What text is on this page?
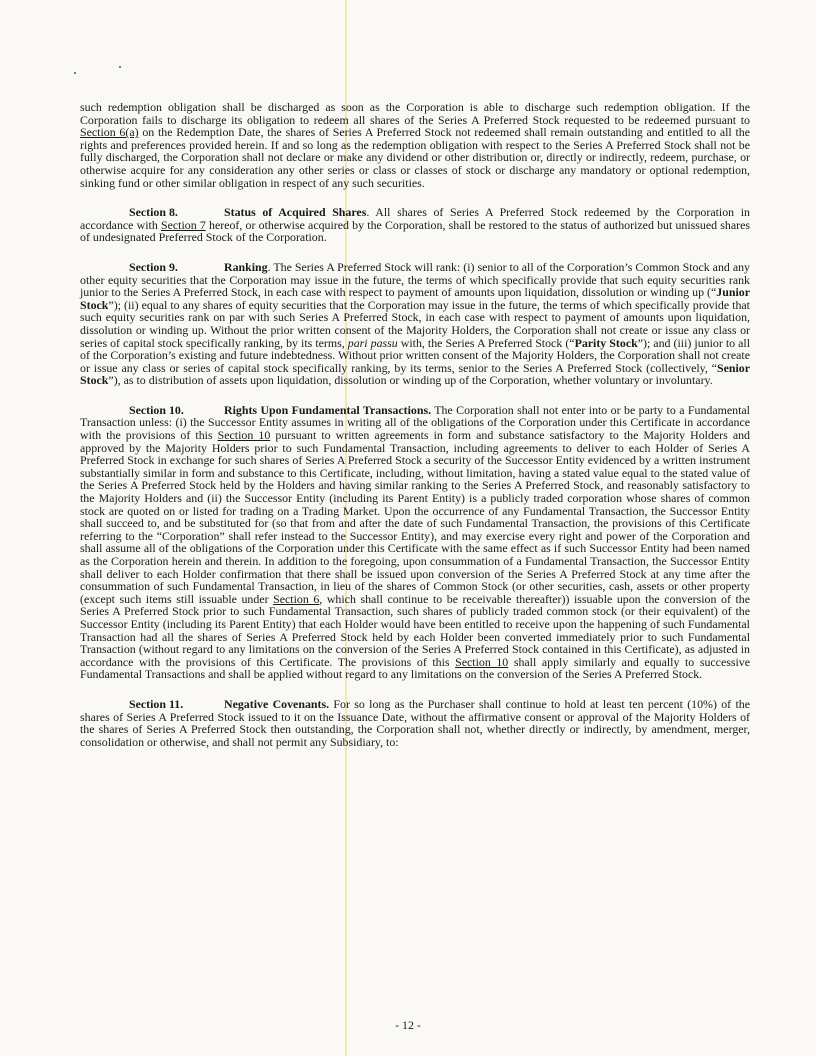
such redemption obligation shall be discharged as soon as the Corporation is able to discharge such redemption obligation. If the Corporation fails to discharge its obligation to redeem all shares of the Series A Preferred Stock requested to be redeemed pursuant to Section 6(a) on the Redemption Date, the shares of Series A Preferred Stock not redeemed shall remain outstanding and entitled to all the rights and preferences provided herein. If and so long as the redemption obligation with respect to the Series A Preferred Stock shall not be fully discharged, the Corporation shall not declare or make any dividend or other distribution or, directly or indirectly, redeem, purchase, or otherwise acquire for any consideration any other series or class or classes of stock or discharge any mandatory or optional redemption, sinking fund or other similar obligation in respect of any such securities.

Section 8.	Status of Acquired Shares. All shares of Series A Preferred Stock redeemed by the Corporation in accordance with Section 7 hereof, or otherwise acquired by the Corporation, shall be restored to the status of authorized but unissued shares of undesignated Preferred Stock of the Corporation.

Section 9.	Ranking. The Series A Preferred Stock will rank: (i) senior to all of the Corporation’s Common Stock and any other equity securities that the Corporation may issue in the future, the terms of which specifically provide that such equity securities rank junior to the Series A Preferred Stock, in each case with respect to payment of amounts upon liquidation, dissolution or winding up (“Junior Stock”); (ii) equal to any shares of equity securities that the Corporation may issue in the future, the terms of which specifically provide that such equity securities rank on par with such Series A Preferred Stock, in each case with respect to payment of amounts upon liquidation, dissolution or winding up. Without the prior written consent of the Majority Holders, the Corporation shall not create or issue any class or series of capital stock specifically ranking, by its terms, pari passu with, the Series A Preferred Stock (“Parity Stock”); and (iii) junior to all of the Corporation’s existing and future indebtedness. Without prior written consent of the Majority Holders, the Corporation shall not create or issue any class or series of capital stock specifically ranking, by its terms, senior to the Series A Preferred Stock (collectively, “Senior Stock”), as to distribution of assets upon liquidation, dissolution or winding up of the Corporation, whether voluntary or involuntary.

Section 10.	Rights Upon Fundamental Transactions. The Corporation shall not enter into or be party to a Fundamental Transaction unless: (i) the Successor Entity assumes in writing all of the obligations of the Corporation under this Certificate in accordance with the provisions of this Section 10 pursuant to written agreements in form and substance satisfactory to the Majority Holders and approved by the Majority Holders prior to such Fundamental Transaction, including agreements to deliver to each Holder of Series A Preferred Stock in exchange for such shares of Series A Preferred Stock a security of the Successor Entity evidenced by a written instrument substantially similar in form and substance to this Certificate, including, without limitation, having a stated value equal to the stated value of the Series A Preferred Stock held by the Holders and having similar ranking to the Series A Preferred Stock, and reasonably satisfactory to the Majority Holders and (ii) the Successor Entity (including its Parent Entity) is a publicly traded corporation whose shares of common stock are quoted on or listed for trading on a Trading Market. Upon the occurrence of any Fundamental Transaction, the Successor Entity shall succeed to, and be substituted for (so that from and after the date of such Fundamental Transaction, the provisions of this Certificate referring to the “Corporation” shall refer instead to the Successor Entity), and may exercise every right and power of the Corporation and shall assume all of the obligations of the Corporation under this Certificate with the same effect as if such Successor Entity had been named as the Corporation herein and therein. In addition to the foregoing, upon consummation of a Fundamental Transaction, the Successor Entity shall deliver to each Holder confirmation that there shall be issued upon conversion of the Series A Preferred Stock at any time after the consummation of such Fundamental Transaction, in lieu of the shares of Common Stock (or other securities, cash, assets or other property (except such items still issuable under Section 6, which shall continue to be receivable thereafter)) issuable upon the conversion of the Series A Preferred Stock prior to such Fundamental Transaction, such shares of publicly traded common stock (or their equivalent) of the Successor Entity (including its Parent Entity) that each Holder would have been entitled to receive upon the happening of such Fundamental Transaction had all the shares of Series A Preferred Stock held by each Holder been converted immediately prior to such Fundamental Transaction (without regard to any limitations on the conversion of the Series A Preferred Stock contained in this Certificate), as adjusted in accordance with the provisions of this Certificate. The provisions of this Section 10 shall apply similarly and equally to successive Fundamental Transactions and shall be applied without regard to any limitations on the conversion of the Series A Preferred Stock.

Section 11.	Negative Covenants. For so long as the Purchaser shall continue to hold at least ten percent (10%) of the shares of Series A Preferred Stock issued to it on the Issuance Date, without the affirmative consent or approval of the Majority Holders of the shares of Series A Preferred Stock then outstanding, the Corporation shall not, whether directly or indirectly, by amendment, merger, consolidation or otherwise, and shall not permit any Subsidiary, to:

- 12 -
